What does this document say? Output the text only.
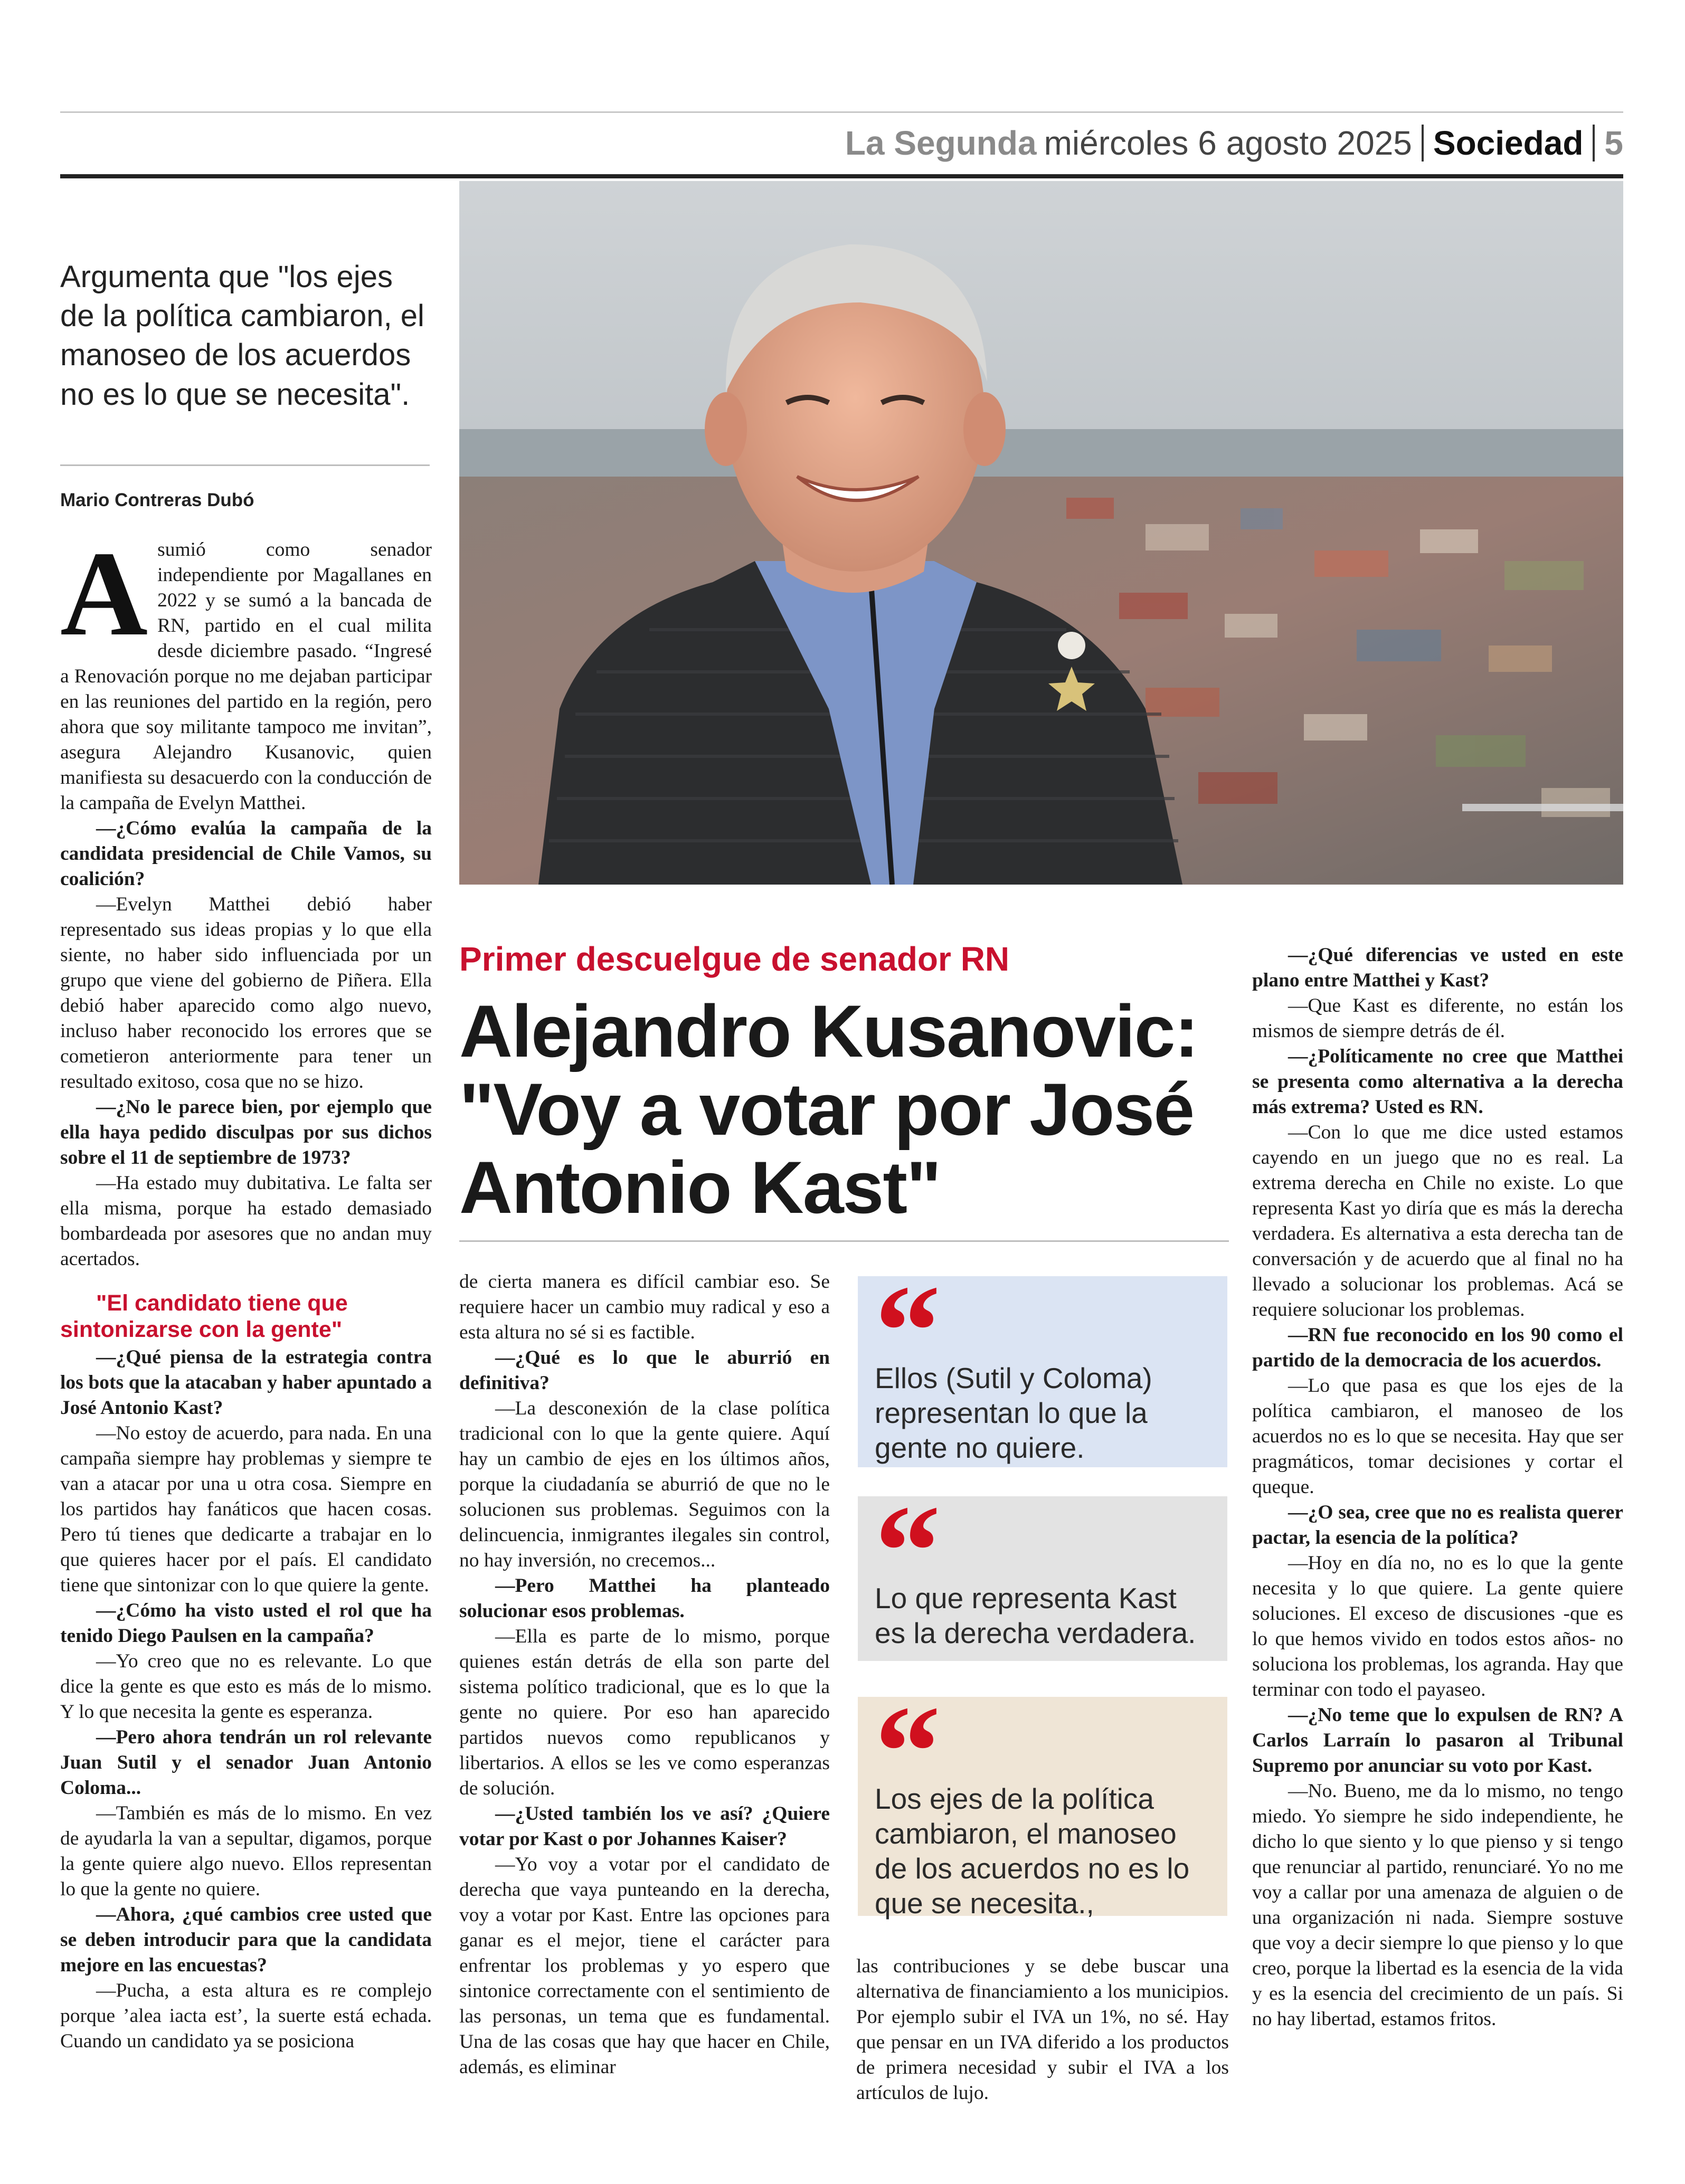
La Segunda miércoles 6 agosto 2025 Sociedad 5
Argumenta que "los ejes de la política cambiaron, el manoseo de los acuerdos no es lo que se necesita".
Mario Contreras Dubó
A sumió como senador independiente por Magallanes en 2022 y se sumó a la bancada de RN, partido en el cual milita desde diciembre pasado. “Ingresé a Renovación porque no me dejaban participar en las reuniones del partido en la región, pero ahora que soy militante tampoco me invitan”, asegura Alejandro Kusanovic, quien manifiesta su desacuerdo con la conducción de la campaña de Evelyn Matthei.

—¿Cómo evalúa la campaña de la candidata presidencial de Chile Vamos, su coalición?

—Evelyn Matthei debió haber representado sus ideas propias y lo que ella siente, no haber sido influenciada por un grupo que viene del gobierno de Piñera. Ella debió haber aparecido como algo nuevo, incluso haber reconocido los errores que se cometieron anteriormente para tener un resultado exitoso, cosa que no se hizo.

—¿No le parece bien, por ejemplo que ella haya pedido disculpas por sus dichos sobre el 11 de septiembre de 1973?

—Ha estado muy dubitativa. Le falta ser ella misma, porque ha estado demasiado bombardeada por asesores que no andan muy acertados.

"El candidato tiene que sintonizarse con la gente"

—¿Qué piensa de la estrategia contra los bots que la atacaban y haber apuntado a José Antonio Kast?

—No estoy de acuerdo, para nada. En una campaña siempre hay problemas y siempre te van a atacar por una u otra cosa. Siempre en los partidos hay fanáticos que hacen cosas. Pero tú tienes que dedicarte a trabajar en lo que quieres hacer por el país. El candidato tiene que sintonizar con lo que quiere la gente.

—¿Cómo ha visto usted el rol que ha tenido Diego Paulsen en la campaña?

—Yo creo que no es relevante. Lo que dice la gente es que esto es más de lo mismo. Y lo que necesita la gente es esperanza.

—Pero ahora tendrán un rol relevante Juan Sutil y el senador Juan Antonio Coloma...

—También es más de lo mismo. En vez de ayudarla la van a sepultar, digamos, porque la gente quiere algo nuevo. Ellos representan lo que la gente no quiere.

—Ahora, ¿qué cambios cree usted que se deben introducir para que la candidata mejore en las encuestas?

—Pucha, a esta altura es re complejo porque ’alea iacta est’, la suerte está echada. Cuando un candidato ya se posiciona

Primer descuelgue de senador RN
Alejandro Kusanovic: "Voy a votar por José Antonio Kast"

de cierta manera es difícil cambiar eso. Se requiere hacer un cambio muy radical y eso a esta altura no sé si es factible.

—¿Qué es lo que le aburrió en definitiva?

—La desconexión de la clase política tradicional con lo que la gente quiere. Aquí hay un cambio de ejes en los últimos años, porque la ciudadanía se aburrió de que no le solucionen sus problemas. Seguimos con la delincuencia, inmigrantes ilegales sin control, no hay inversión, no crecemos...

—Pero Matthei ha planteado solucionar esos problemas.

—Ella es parte de lo mismo, porque quienes están detrás de ella son parte del sistema político tradicional, que es lo que la gente no quiere. Por eso han aparecido partidos nuevos como republicanos y libertarios. A ellos se les ve como esperanzas de solución.

—¿Usted también los ve así? ¿Quiere votar por Kast o por Johannes Kaiser?

—Yo voy a votar por el candidato de derecha que vaya punteando en la derecha, voy a votar por Kast. Entre las opciones para ganar es el mejor, tiene el carácter para enfrentar los problemas y yo espero que sintonice correctamente con el sentimiento de las personas, un tema que es fundamental. Una de las cosas que hay que hacer en Chile, además, es eliminar

“
Ellos (Sutil y Coloma) representan lo que la gente no quiere.
“
Lo que representa Kast es la derecha verdadera.
“
Los ejes de la política cambiaron, el manoseo de los acuerdos no es lo que se necesita.,

las contribuciones y se debe buscar una alternativa de financiamiento a los municipios. Por ejemplo subir el IVA un 1%, no sé. Hay que pensar en un IVA diferido a los productos de primera necesidad y subir el IVA a los artículos de lujo.

—¿Qué diferencias ve usted en este plano entre Matthei y Kast?

—Que Kast es diferente, no están los mismos de siempre detrás de él.

—¿Políticamente no cree que Matthei se presenta como alternativa a la derecha más extrema? Usted es RN.

—Con lo que me dice usted estamos cayendo en un juego que no es real. La extrema derecha en Chile no existe. Lo que representa Kast yo diría que es más la derecha verdadera. Es alternativa a esta derecha tan de conversación y de acuerdo que al final no ha llevado a solucionar los problemas. Acá se requiere solucionar los problemas.

—RN fue reconocido en los 90 como el partido de la democracia de los acuerdos.

—Lo que pasa es que los ejes de la política cambiaron, el manoseo de los acuerdos no es lo que se necesita. Hay que ser pragmáticos, tomar decisiones y cortar el queque.

—¿O sea, cree que no es realista querer pactar, la esencia de la política?

—Hoy en día no, no es lo que la gente necesita y lo que quiere. La gente quiere soluciones. El exceso de discusiones -que es lo que hemos vivido en todos estos años- no soluciona los problemas, los agranda. Hay que terminar con todo el payaseo.

—¿No teme que lo expulsen de RN? A Carlos Larraín lo pasaron al Tribunal Supremo por anunciar su voto por Kast.

—No. Bueno, me da lo mismo, no tengo miedo. Yo siempre he sido independiente, he dicho lo que siento y lo que pienso y si tengo que renunciar al partido, renunciaré. Yo no me voy a callar por una amenaza de alguien o de una organización ni nada. Siempre sostuve que voy a decir siempre lo que pienso y lo que creo, porque la libertad es la esencia de la vida y es la esencia del crecimiento de un país. Si no hay libertad, estamos fritos.
